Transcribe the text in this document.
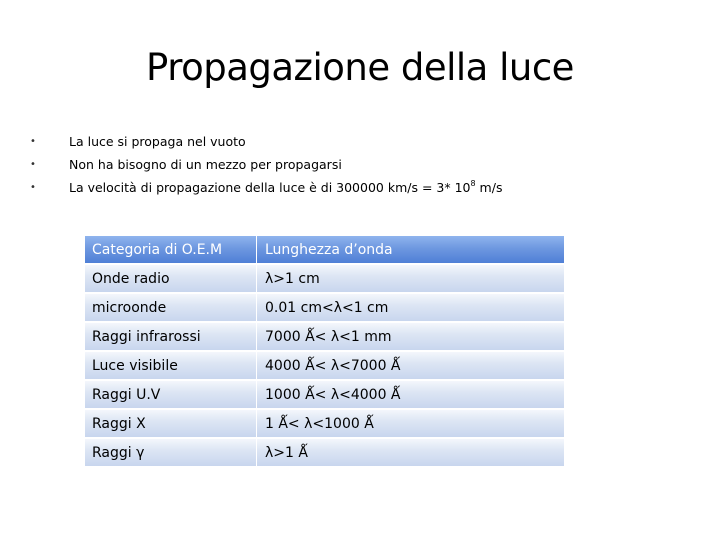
Propagazione della luce
•	La luce si propaga nel vuoto
•	Non ha bisogno di un mezzo per propagarsi
•	La velocità di propagazione della luce è di 300000 km/s = 3* $10^8$ m/s
Categoria di O.E.M	Lunghezza d’onda
Onde radio	λ>1 cm
microonde	0.01 cm<λ<1 cm
Raggi infrarossi	7000 Ǻ< λ<1 mm
Luce visibile	4000 Ǻ< λ<7000 Ǻ
Raggi U.V	1000 Ǻ< λ<4000 Ǻ
Raggi X	1 Ǻ< λ<1000 Ǻ
Raggi γ	λ>1 Ǻ
